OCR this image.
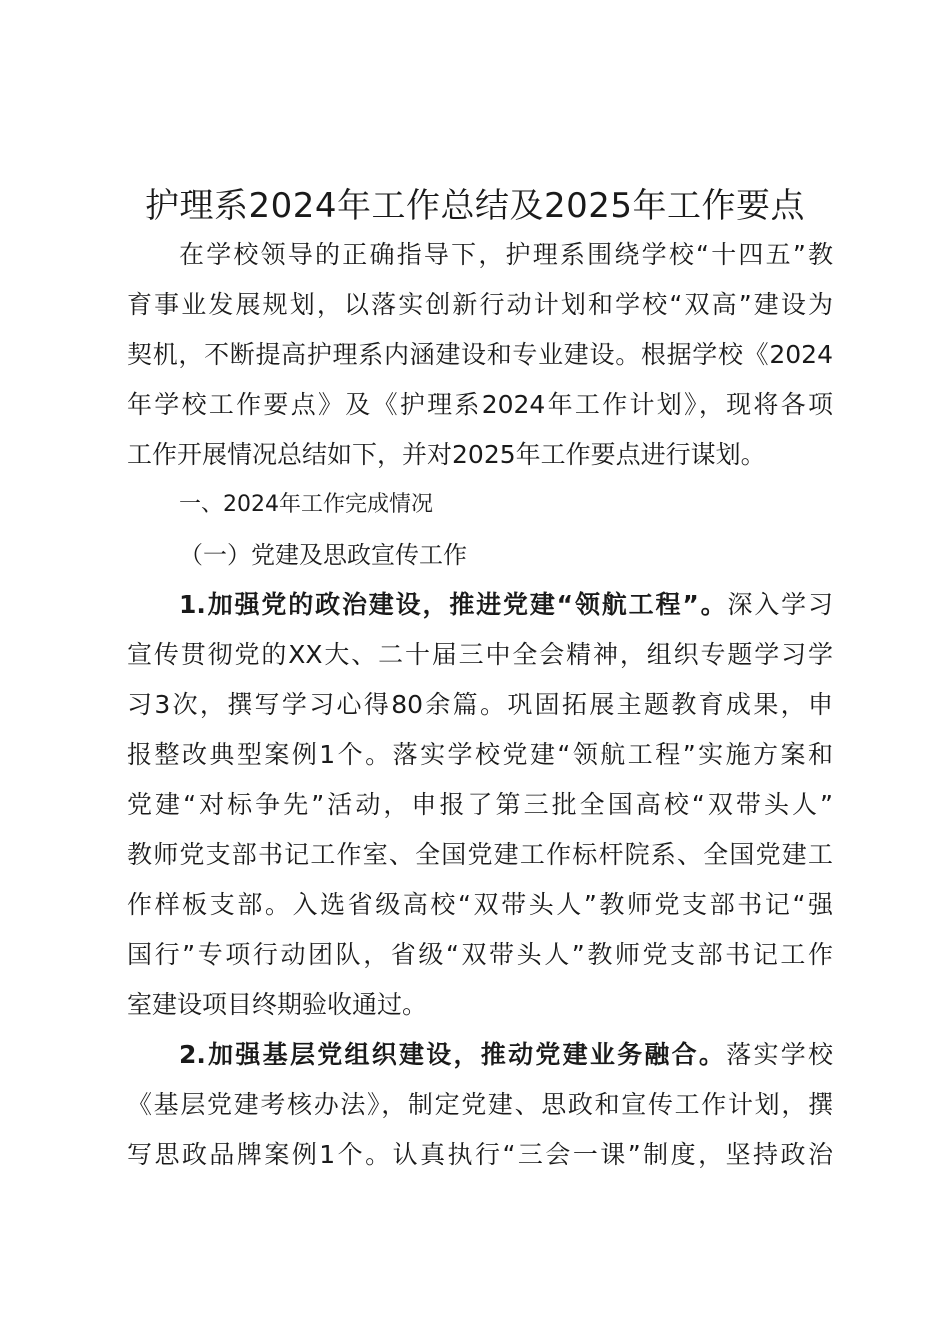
护理系2024年工作总结及2025年工作要点
在学校领导的正确指导下，护理系围绕学校“十四五”教
育事业发展规划，以落实创新行动计划和学校“双高”建设为
契机，不断提高护理系内涵建设和专业建设。根据学校《2024
年学校工作要点》及《护理系2024年工作计划》，现将各项
工作开展情况总结如下，并对2025年工作要点进行谋划。
一、2024年工作完成情况
（一）党建及思政宣传工作
1.加强党的政治建设，推进党建“领航工程”。深入学习
宣传贯彻党的XX大、二十届三中全会精神，组织专题学习学
习3次，撰写学习心得80余篇。巩固拓展主题教育成果，申
报整改典型案例1个。落实学校党建“领航工程”实施方案和
党建“对标争先”活动，申报了第三批全国高校“双带头人”
教师党支部书记工作室、全国党建工作标杆院系、全国党建工
作样板支部。入选省级高校“双带头人”教师党支部书记“强
国行”专项行动团队，省级“双带头人”教师党支部书记工作
室建设项目终期验收通过。
2.加强基层党组织建设，推动党建业务融合。落实学校
《基层党建考核办法》，制定党建、思政和宣传工作计划，撰
写思政品牌案例1个。认真执行“三会一课”制度，坚持政治
